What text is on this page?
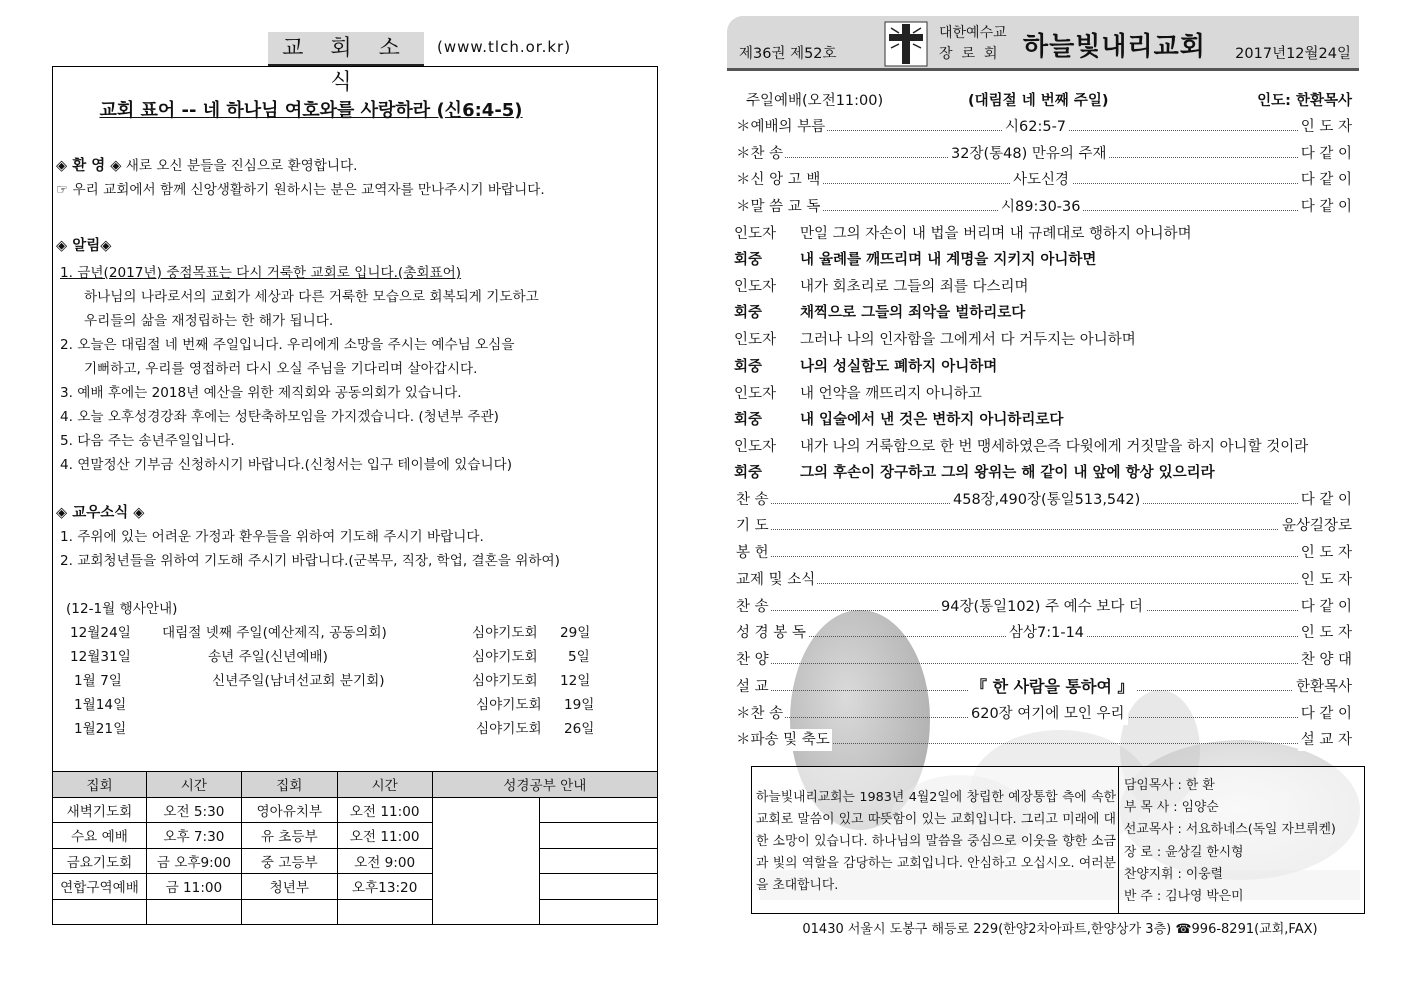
교 회 소 식
(www.tlch.or.kr)
교회 표어 -- 네 하나님 여호와를 사랑하라 (신6:4-5)
◈ 환 영 ◈ 새로 오신 분들을 진심으로 환영합니다.
☞ 우리 교회에서 함께 신앙생활하기 원하시는 분은 교역자를 만나주시기 바랍니다.
◈ 알림◈
1. 금년(2017년) 중점목표는 다시 거룩한 교회로 입니다.(총회표어)
하나님의 나라로서의 교회가 세상과 다른 거룩한 모습으로 회복되게 기도하고
우리들의 삶을 재정립하는 한 해가 됩니다.
2. 오늘은 대림절 네 번째 주일입니다. 우리에게 소망을 주시는 예수님 오심을
기뻐하고, 우리를 영접하러 다시 오실 주님을 기다리며 살아갑시다.
3. 예배 후에는 2018년 예산을 위한 제직회와 공동의회가 있습니다.
4. 오늘 오후성경강좌 후에는 성탄축하모임을 가지겠습니다. (청년부 주관)
5. 다음 주는 송년주일입니다.
4. 연말정산 기부금 신청하시기 바랍니다.(신청서는 입구 테이블에 있습니다)
◈ 교우소식 ◈
1. 주위에 있는 어려운 가정과 환우들을 위하여 기도해 주시기 바랍니다.
2. 교회청년들을 위하여 기도해 주시기 바랍니다.(군복무, 직장, 학업, 결혼을 위하여)
(12-1월 행사안내)
12월24일 대림절 넷째 주일(예산제직, 공동의회)	심야기도회 29일
12월31일	송년 주일(신년예배)	심야기도회 5일
1월 7일	신년주일(남녀선교회 분기회)	심야기도회 12일
1월14일	심야기도회 19일
1월21일	심야기도회 26일
집회	시간	집회	시간	성경공부 안내	
새벽기도회	오전 5:30	영아유치부	오전 11:00		
수요 예배	오후 7:30	유 초등부	오전 11:00		
금요기도회	금 오후9:00	중 고등부	오전 9:00		
연합구역예배	금 11:00	청년부	오후13:20		

제36권 제52호
대한예수교
장로회 하늘빛내리교회 2017년12월24일
주일예배(오전11:00)	(대림절 네 번째 주일)	인도: 한환목사
＊예배의 부름	시62:5-7	인 도 자
＊찬 송	32장(통48) 만유의 주재	다 같 이
＊신 앙 고 백	사도신경	다 같 이
＊말 씀 교 독	시89:30-36	다 같 이
인도자 만일 그의 자손이 내 법을 버리며 내 규례대로 행하지 아니하며
회중	내 율례를 깨뜨리며 내 계명을 지키지 아니하면
인도자 내가 회초리로 그들의 죄를 다스리며
회중	채찍으로 그들의 죄악을 벌하리로다
인도자 그러나 나의 인자함을 그에게서 다 거두지는 아니하며
회중	나의 성실함도 폐하지 아니하며
인도자 내 언약을 깨뜨리지 아니하고
회중	내 입술에서 낸 것은 변하지 아니하리로다
인도자 내가 나의 거룩함으로 한 번 맹세하였은즉 다윗에게 거짓말을 하지 아니할 것이라
회중	그의 후손이 장구하고 그의 왕위는 해 같이 내 앞에 항상 있으리라
찬 송	458장,490장(통일513,542)	다 같 이
기 도	윤상길장로
봉 헌	인 도 자
교제 및 소식	인 도 자
찬 송	94장(통일102) 주 예수 보다 더	다 같 이
성 경 봉 독	삼상7:1-14	인 도 자
찬 양	찬 양 대
설 교	『 한 사람을 통하여 』	한환목사
＊찬 송	620장 여기에 모인 우리	다 같 이
＊파송 및 축도	설 교 자
하늘빛내리교회는 1983년 4월2일에 창립한 예장통합 측에 속한 교회로 말씀이 있고 따뜻함이 있는 교회입니다. 그리고 미래에 대한 소망이 있습니다. 하나님의 말씀을 중심으로 이웃을 향한 소금과 빛의 역할을 감당하는 교회입니다. 안심하고 오십시오. 여러분을 초대합니다.
담임목사 : 한 환
부 목 사 : 임양순
선교목사 : 서요하네스(독일 자브뤼켄)
장 로 : 윤상길 한시형
찬양지휘 : 이웅렬
반 주 : 김나영 박은미
01430 서울시 도봉구 해등로 229(한양2차아파트,한양상가 3층) ☎996-8291(교회,FAX)
